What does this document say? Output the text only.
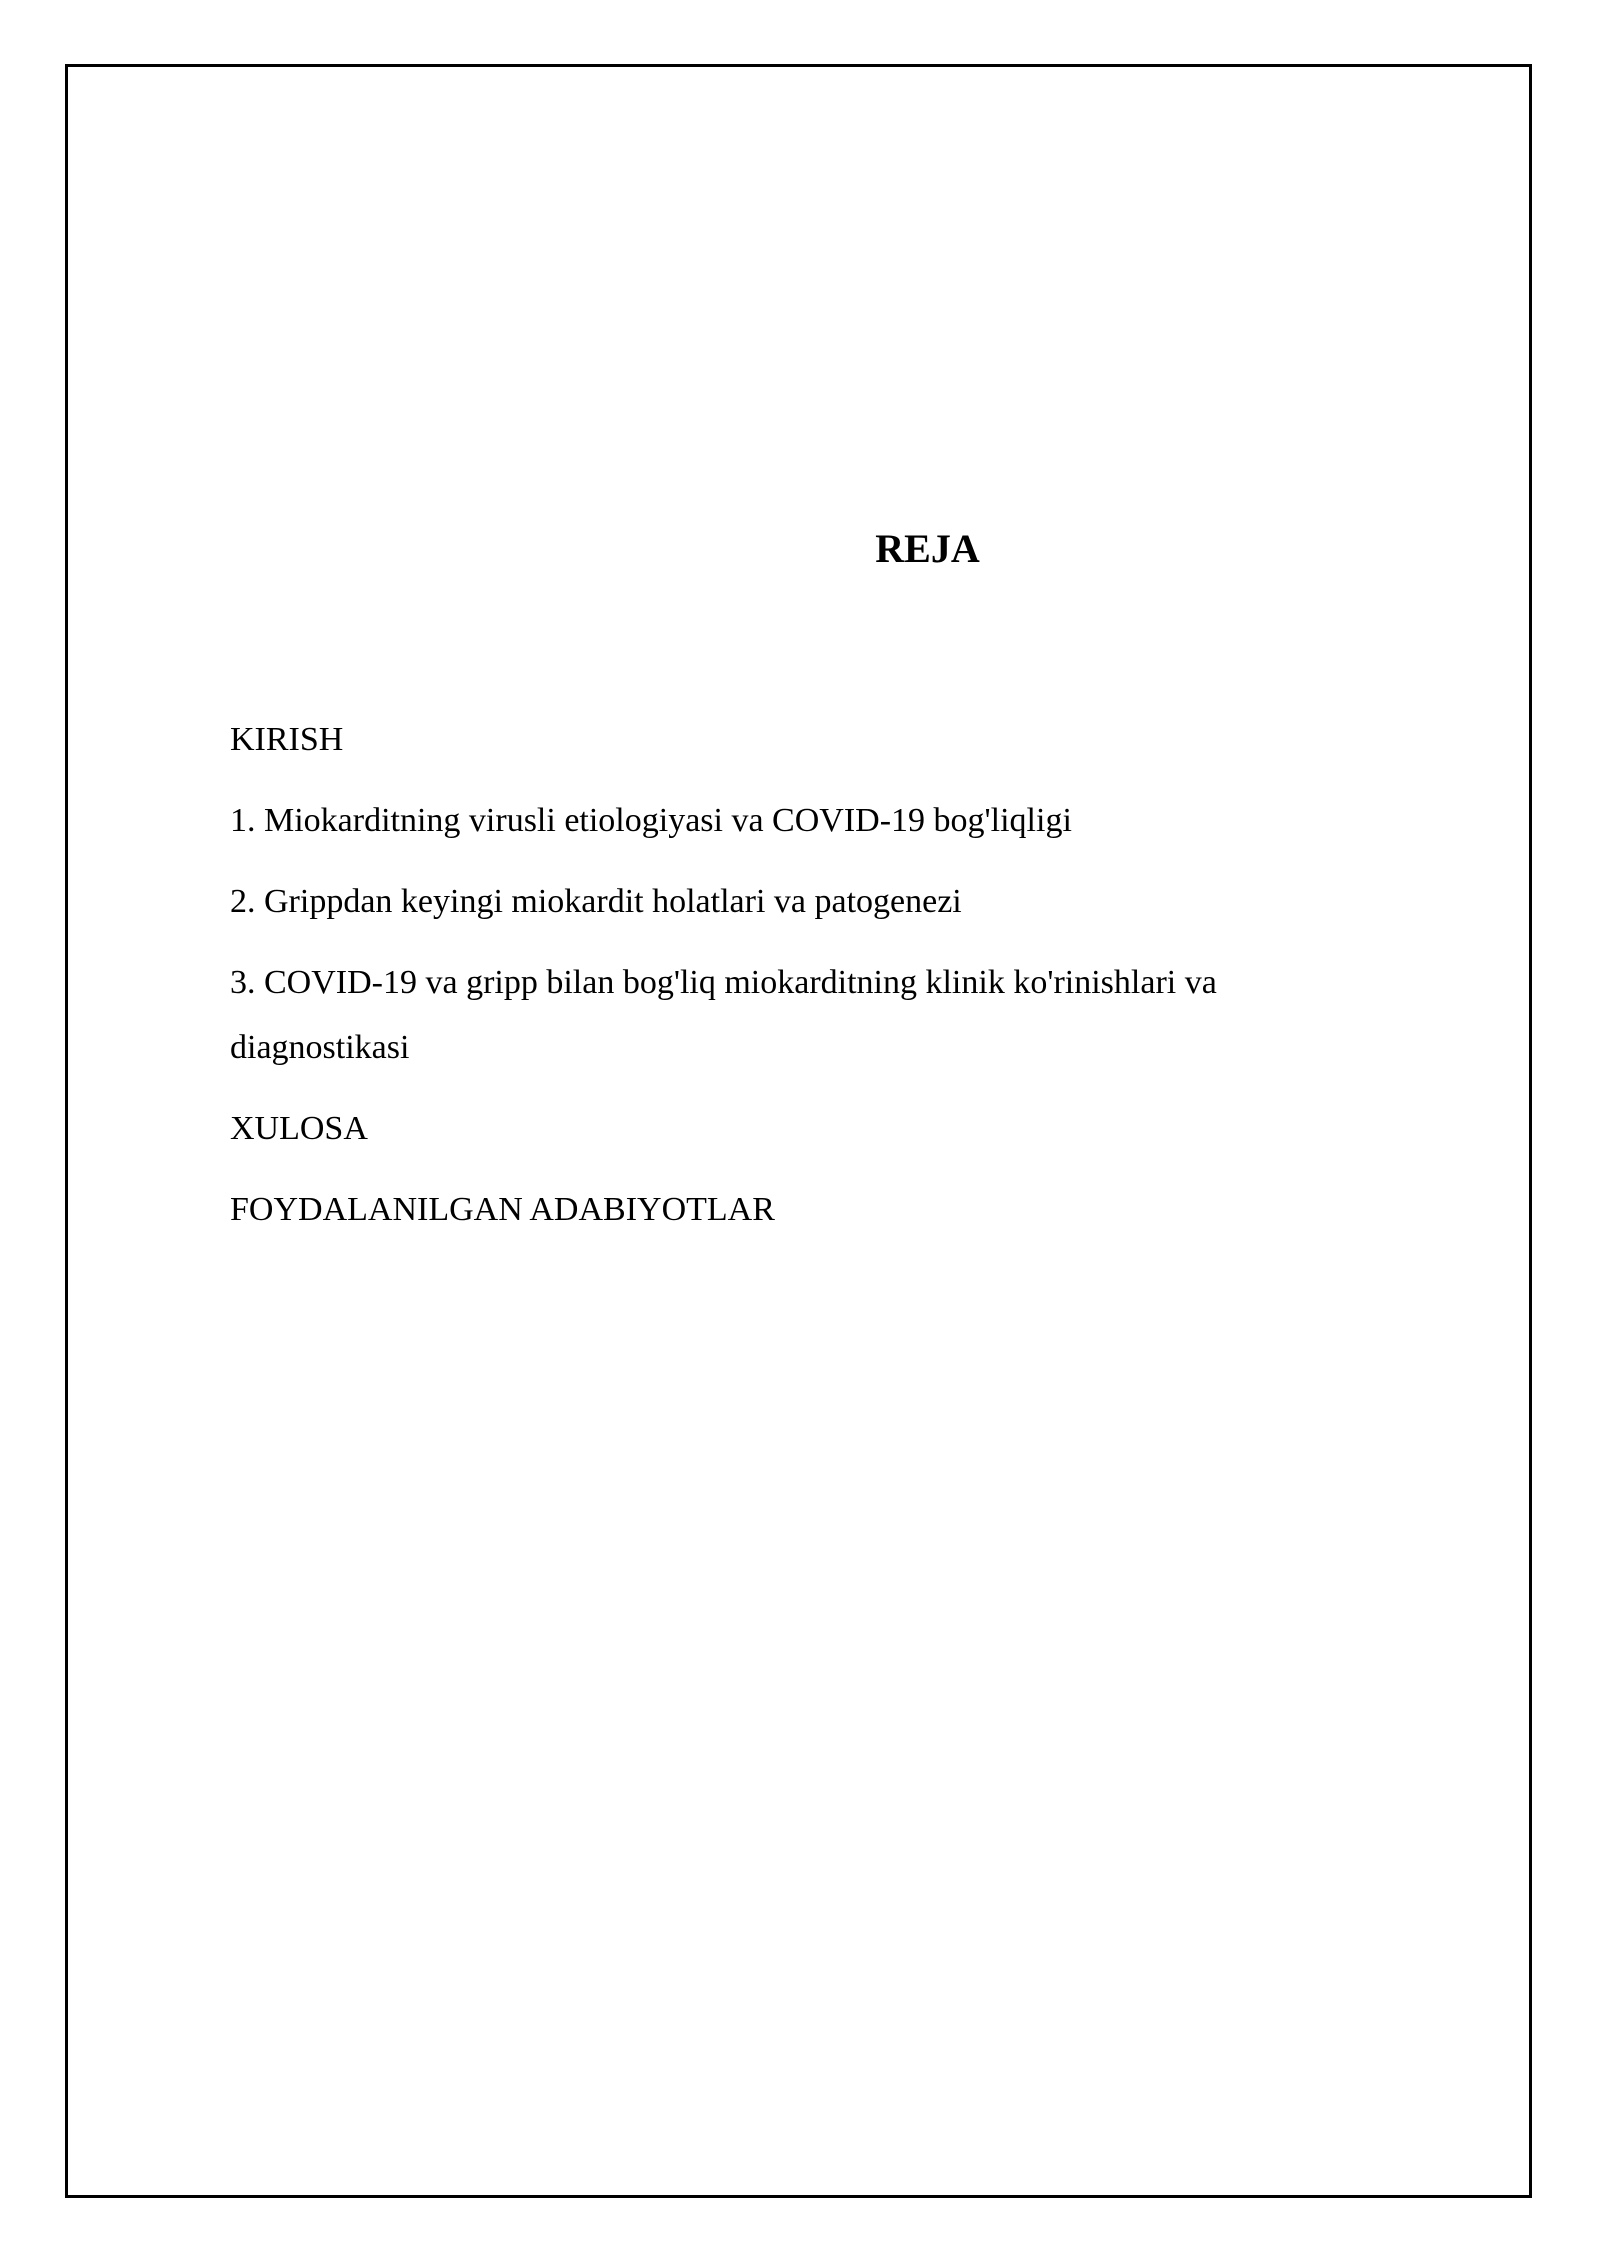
REJA
KIRISH
1. Miokarditning virusli etiologiyasi va COVID-19 bog'liqligi
2. Grippdan keyingi miokardit holatlari va patogenezi
3. COVID-19 va gripp bilan bog'liq miokarditning klinik ko'rinishlari va diagnostikasi
XULOSA
FOYDALANILGAN ADABIYOTLAR
